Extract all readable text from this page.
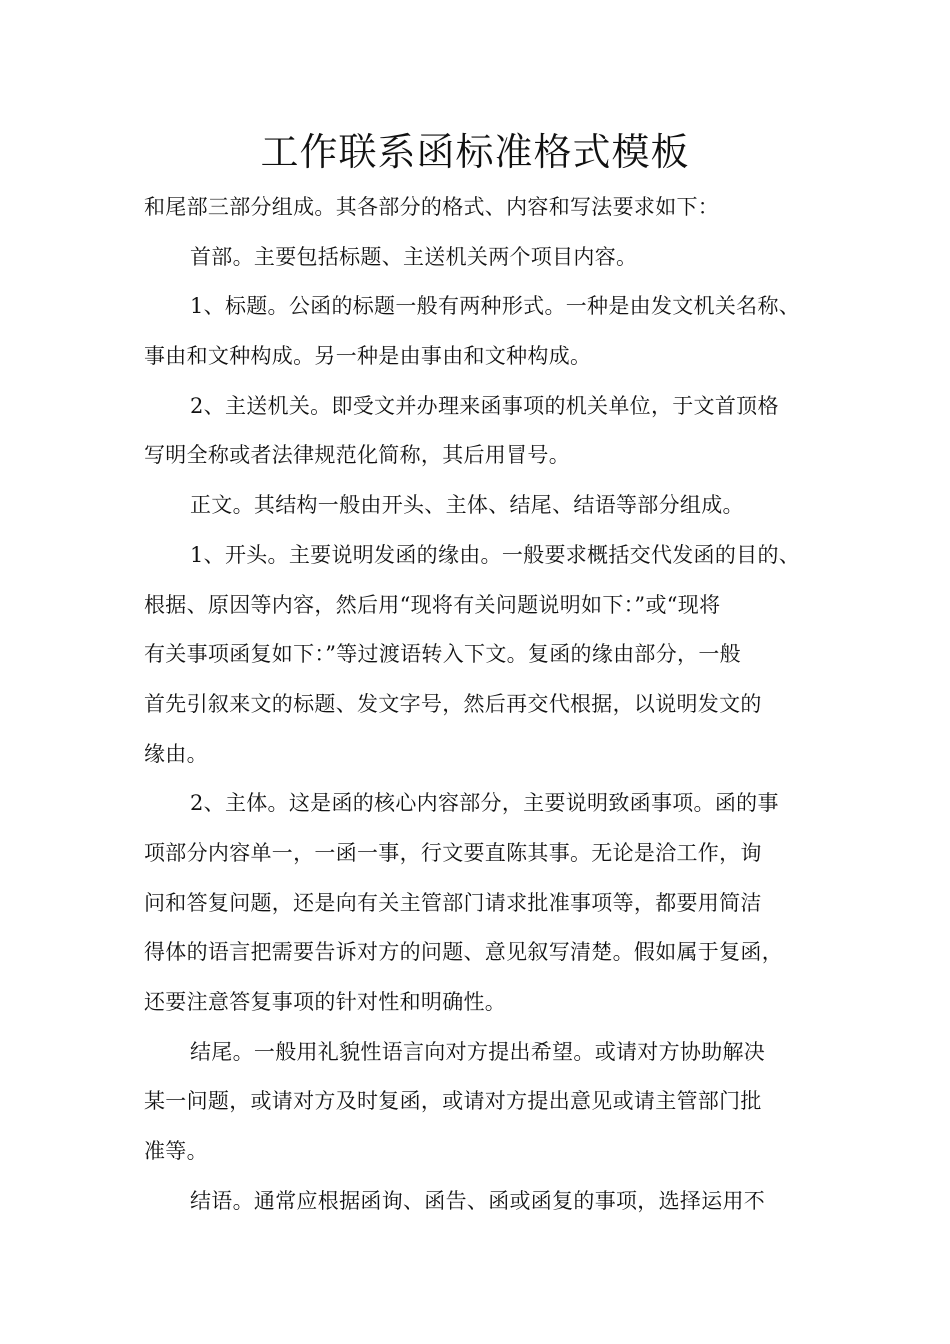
工作联系函标准格式模板
和尾部三部分组成。其各部分的格式、内容和写法要求如下：
首部。主要包括标题、主送机关两个项目内容。
1、标题。公函的标题一般有两种形式。一种是由发文机关名称、
事由和文种构成。另一种是由事由和文种构成。
2、主送机关。即受文并办理来函事项的机关单位，于文首顶格
写明全称或者法律规范化简称，其后用冒号。
正文。其结构一般由开头、主体、结尾、结语等部分组成。
1、开头。主要说明发函的缘由。一般要求概括交代发函的目的、
根据、原因等内容，然后用“现将有关问题说明如下：”或“现将
有关事项函复如下：”等过渡语转入下文。复函的缘由部分，一般
首先引叙来文的标题、发文字号，然后再交代根据，以说明发文的
缘由。
2、主体。这是函的核心内容部分，主要说明致函事项。函的事
项部分内容单一，一函一事，行文要直陈其事。无论是洽工作，询
问和答复问题，还是向有关主管部门请求批准事项等，都要用简洁
得体的语言把需要告诉对方的问题、意见叙写清楚。假如属于复函，
还要注意答复事项的针对性和明确性。
结尾。一般用礼貌性语言向对方提出希望。或请对方协助解决
某一问题，或请对方及时复函，或请对方提出意见或请主管部门批
准等。
结语。通常应根据函询、函告、函或函复的事项，选择运用不
